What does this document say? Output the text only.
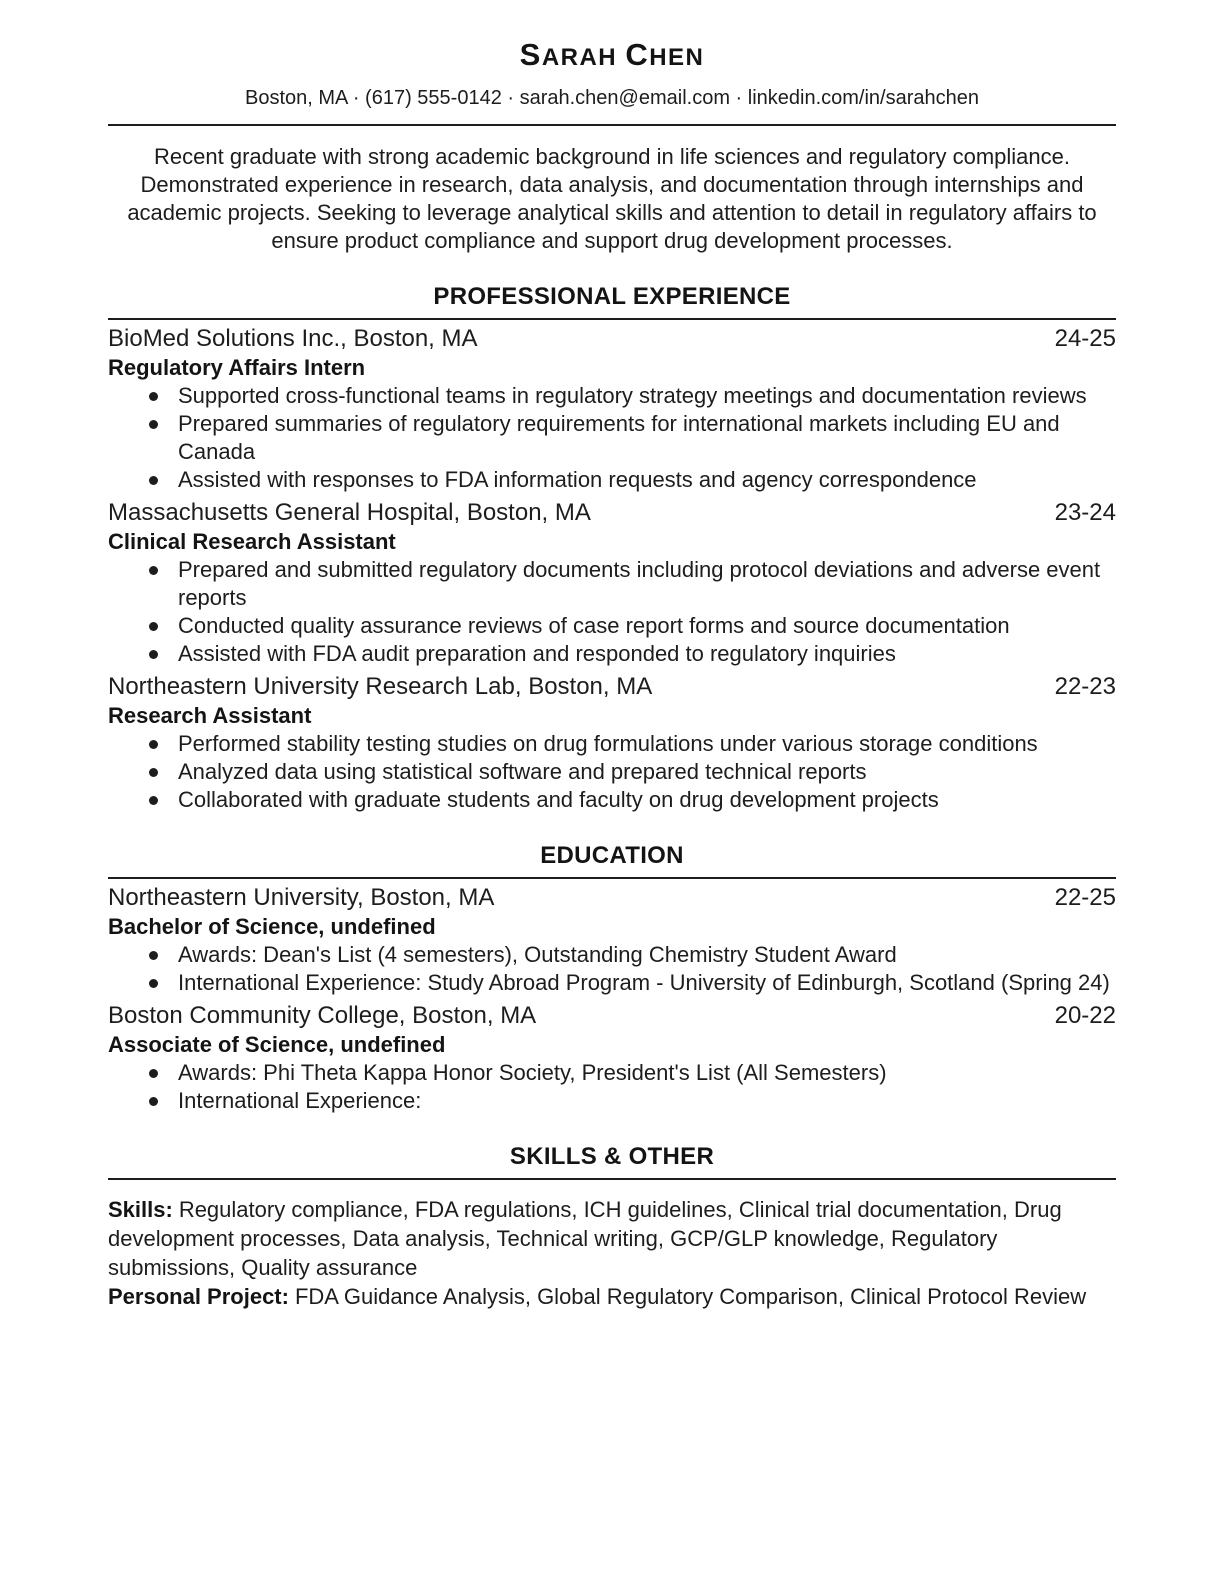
SARAH CHEN
Boston, MA · (617) 555-0142 · sarah.chen@email.com · linkedin.com/in/sarahchen

Recent graduate with strong academic background in life sciences and regulatory compliance. Demonstrated experience in research, data analysis, and documentation through internships and academic projects. Seeking to leverage analytical skills and attention to detail in regulatory affairs to ensure product compliance and support drug development processes.

PROFESSIONAL EXPERIENCE
BioMed Solutions Inc., Boston, MA	24-25
Regulatory Affairs Intern
Supported cross-functional teams in regulatory strategy meetings and documentation reviews
Prepared summaries of regulatory requirements for international markets including EU and Canada
Assisted with responses to FDA information requests and agency correspondence
Massachusetts General Hospital, Boston, MA	23-24
Clinical Research Assistant
Prepared and submitted regulatory documents including protocol deviations and adverse event reports
Conducted quality assurance reviews of case report forms and source documentation
Assisted with FDA audit preparation and responded to regulatory inquiries
Northeastern University Research Lab, Boston, MA	22-23
Research Assistant
Performed stability testing studies on drug formulations under various storage conditions
Analyzed data using statistical software and prepared technical reports
Collaborated with graduate students and faculty on drug development projects
EDUCATION
Northeastern University, Boston, MA	22-25
Bachelor of Science, undefined
Awards: Dean's List (4 semesters), Outstanding Chemistry Student Award
International Experience: Study Abroad Program - University of Edinburgh, Scotland (Spring 24)
Boston Community College, Boston, MA	20-22
Associate of Science, undefined
Awards: Phi Theta Kappa Honor Society, President's List (All Semesters)
International Experience:
SKILLS & OTHER

Skills: Regulatory compliance, FDA regulations, ICH guidelines, Clinical trial documentation, Drug development processes, Data analysis, Technical writing, GCP/GLP knowledge, Regulatory submissions, Quality assurance

Personal Project: FDA Guidance Analysis, Global Regulatory Comparison, Clinical Protocol Review
